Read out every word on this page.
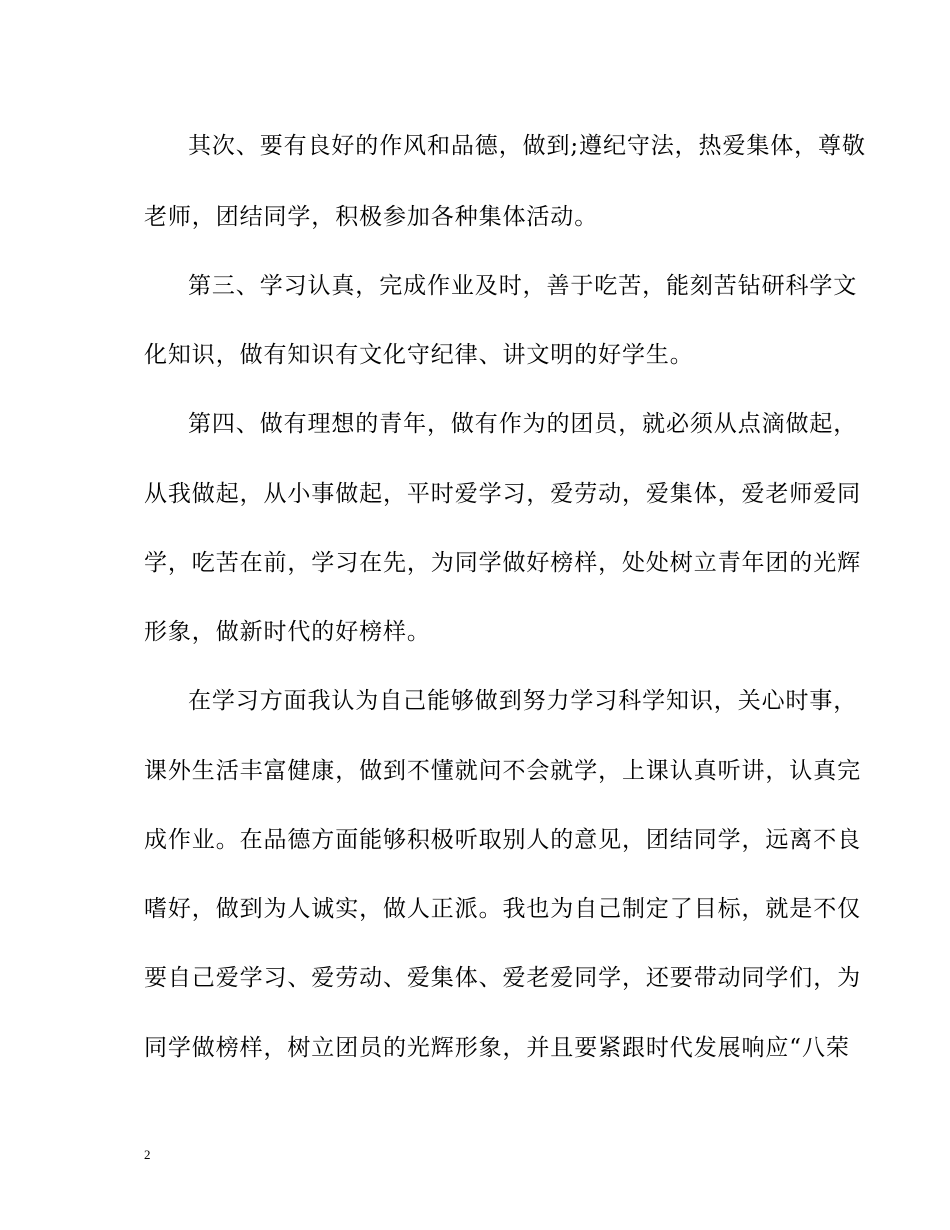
其次、要有良好的作风和品德，做到;遵纪守法，热爱集体，尊敬
老师，团结同学，积极参加各种集体活动。
第三、学习认真，完成作业及时，善于吃苦，能刻苦钻研科学文
化知识，做有知识有文化守纪律、讲文明的好学生。
第四、做有理想的青年，做有作为的团员，就必须从点滴做起，
从我做起，从小事做起，平时爱学习，爱劳动，爱集体，爱老师爱同
学，吃苦在前，学习在先，为同学做好榜样，处处树立青年团的光辉
形象，做新时代的好榜样。
在学习方面我认为自己能够做到努力学习科学知识，关心时事，
课外生活丰富健康，做到不懂就问不会就学，上课认真听讲，认真完
成作业。在品德方面能够积极听取别人的意见，团结同学，远离不良
嗜好，做到为人诚实，做人正派。我也为自己制定了目标，就是不仅
要自己爱学习、爱劳动、爱集体、爱老爱同学，还要带动同学们，为
同学做榜样，树立团员的光辉形象，并且要紧跟时代发展响应“八荣
2
